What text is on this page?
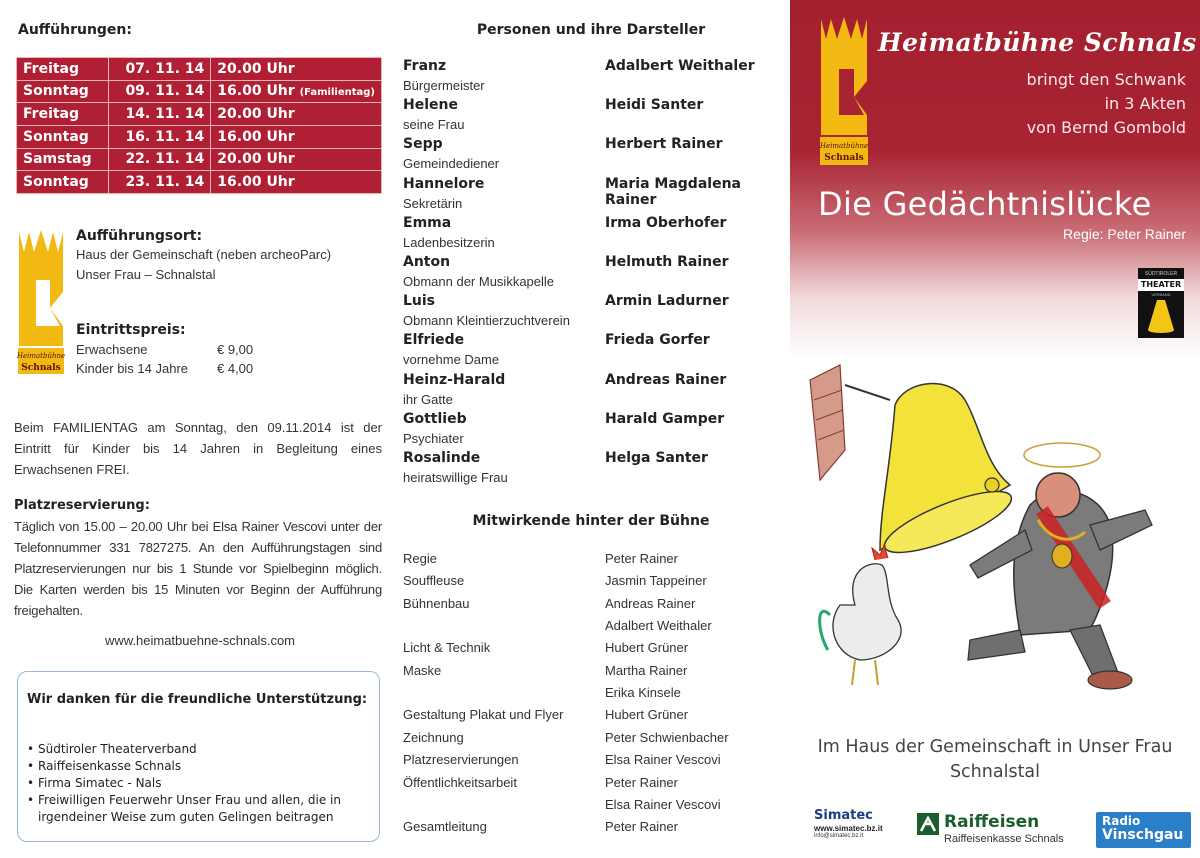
Aufführungen:
Freitag	07. 11. 14	20.00 Uhr
Sonntag	09. 11. 14	16.00 Uhr (Familientag)
Freitag	14. 11. 14	20.00 Uhr
Sonntag	16. 11. 14	16.00 Uhr
Samstag	22. 11. 14	20.00 Uhr
Sonntag	23. 11. 14	16.00 Uhr
Heimatbühne
Schnals
Aufführungsort:
Haus der Gemeinschaft (neben archeoParc)
Unser Frau – Schnalstal
Eintrittspreis:
Erwachsene	€ 9,00
Kinder bis 14 Jahre € 4,00
Beim FAMILIENTAG am Sonntag, den 09.11.2014 ist der Eintritt für Kinder bis 14 Jahren in Begleitung eines Erwachsenen FREI.
Platzreservierung:
Täglich von 15.00 – 20.00 Uhr bei Elsa Rainer Vescovi unter der Telefonnummer 331 7827275. An den Aufführungstagen sind Platzreservierungen nur bis 1 Stunde vor Spielbeginn möglich. Die Karten werden bis 15 Minuten vor Beginn der Aufführung freigehalten.
www.heimatbuehne-schnals.com
Wir danken für die freundliche Unterstützung:
• Südtiroler Theaterverband
• Raiffeisenkasse Schnals
• Firma Simatec - Nals
• Freiwilligen Feuerwehr Unser Frau und allen, die in irgendeiner Weise zum guten Gelingen beitragen
Personen und ihre Darsteller
Franz
Bürgermeister
Adalbert Weithaler
Helene
seine Frau
Heidi Santer
Sepp
Gemeindediener
Herbert Rainer
Hannelore
Sekretärin
Maria Magdalena Rainer
Emma
Ladenbesitzerin
Irma Oberhofer
Anton
Obmann der Musikkapelle
Helmuth Rainer
Luis
Obmann Kleintierzuchtverein
Armin Ladurner
Elfriede
vornehme Dame
Frieda Gorfer
Heinz-Harald
ihr Gatte
Andreas Rainer
Gottlieb
Psychiater
Harald Gamper
Rosalinde
heiratswillige Frau
Helga Santer
Mitwirkende hinter der Bühne
Regie	Peter Rainer
Souffleuse	Jasmin Tappeiner
Bühnenbau	Andreas Rainer
Adalbert Weithaler
Licht & Technik	Hubert Grüner
Maske	Martha Rainer
Erika Kinsele
Gestaltung Plakat und Flyer	Hubert Grüner
Zeichnung	Peter Schwienbacher
Platzreservierungen	Elsa Rainer Vescovi
Öffentlichkeitsarbeit	Peter Rainer
Elsa Rainer Vescovi
Gesamtleitung	Peter Rainer
Heimatbühne
Schnals
Heimatbühne Schnals
bringt den Schwank
in 3 Akten
von Bernd Gombold
Die Gedächtnislücke
Regie: Peter Rainer
SÜDTIROLER
THEATER
VERBAND
Im Haus der Gemeinschaft in Unser Frau
Schnalstal
Simatec
www.simatec.bz.it
info@simatec.bz.it
Raiffeisen
Raiffeisenkasse Schnals
Radio
Vinschgau
